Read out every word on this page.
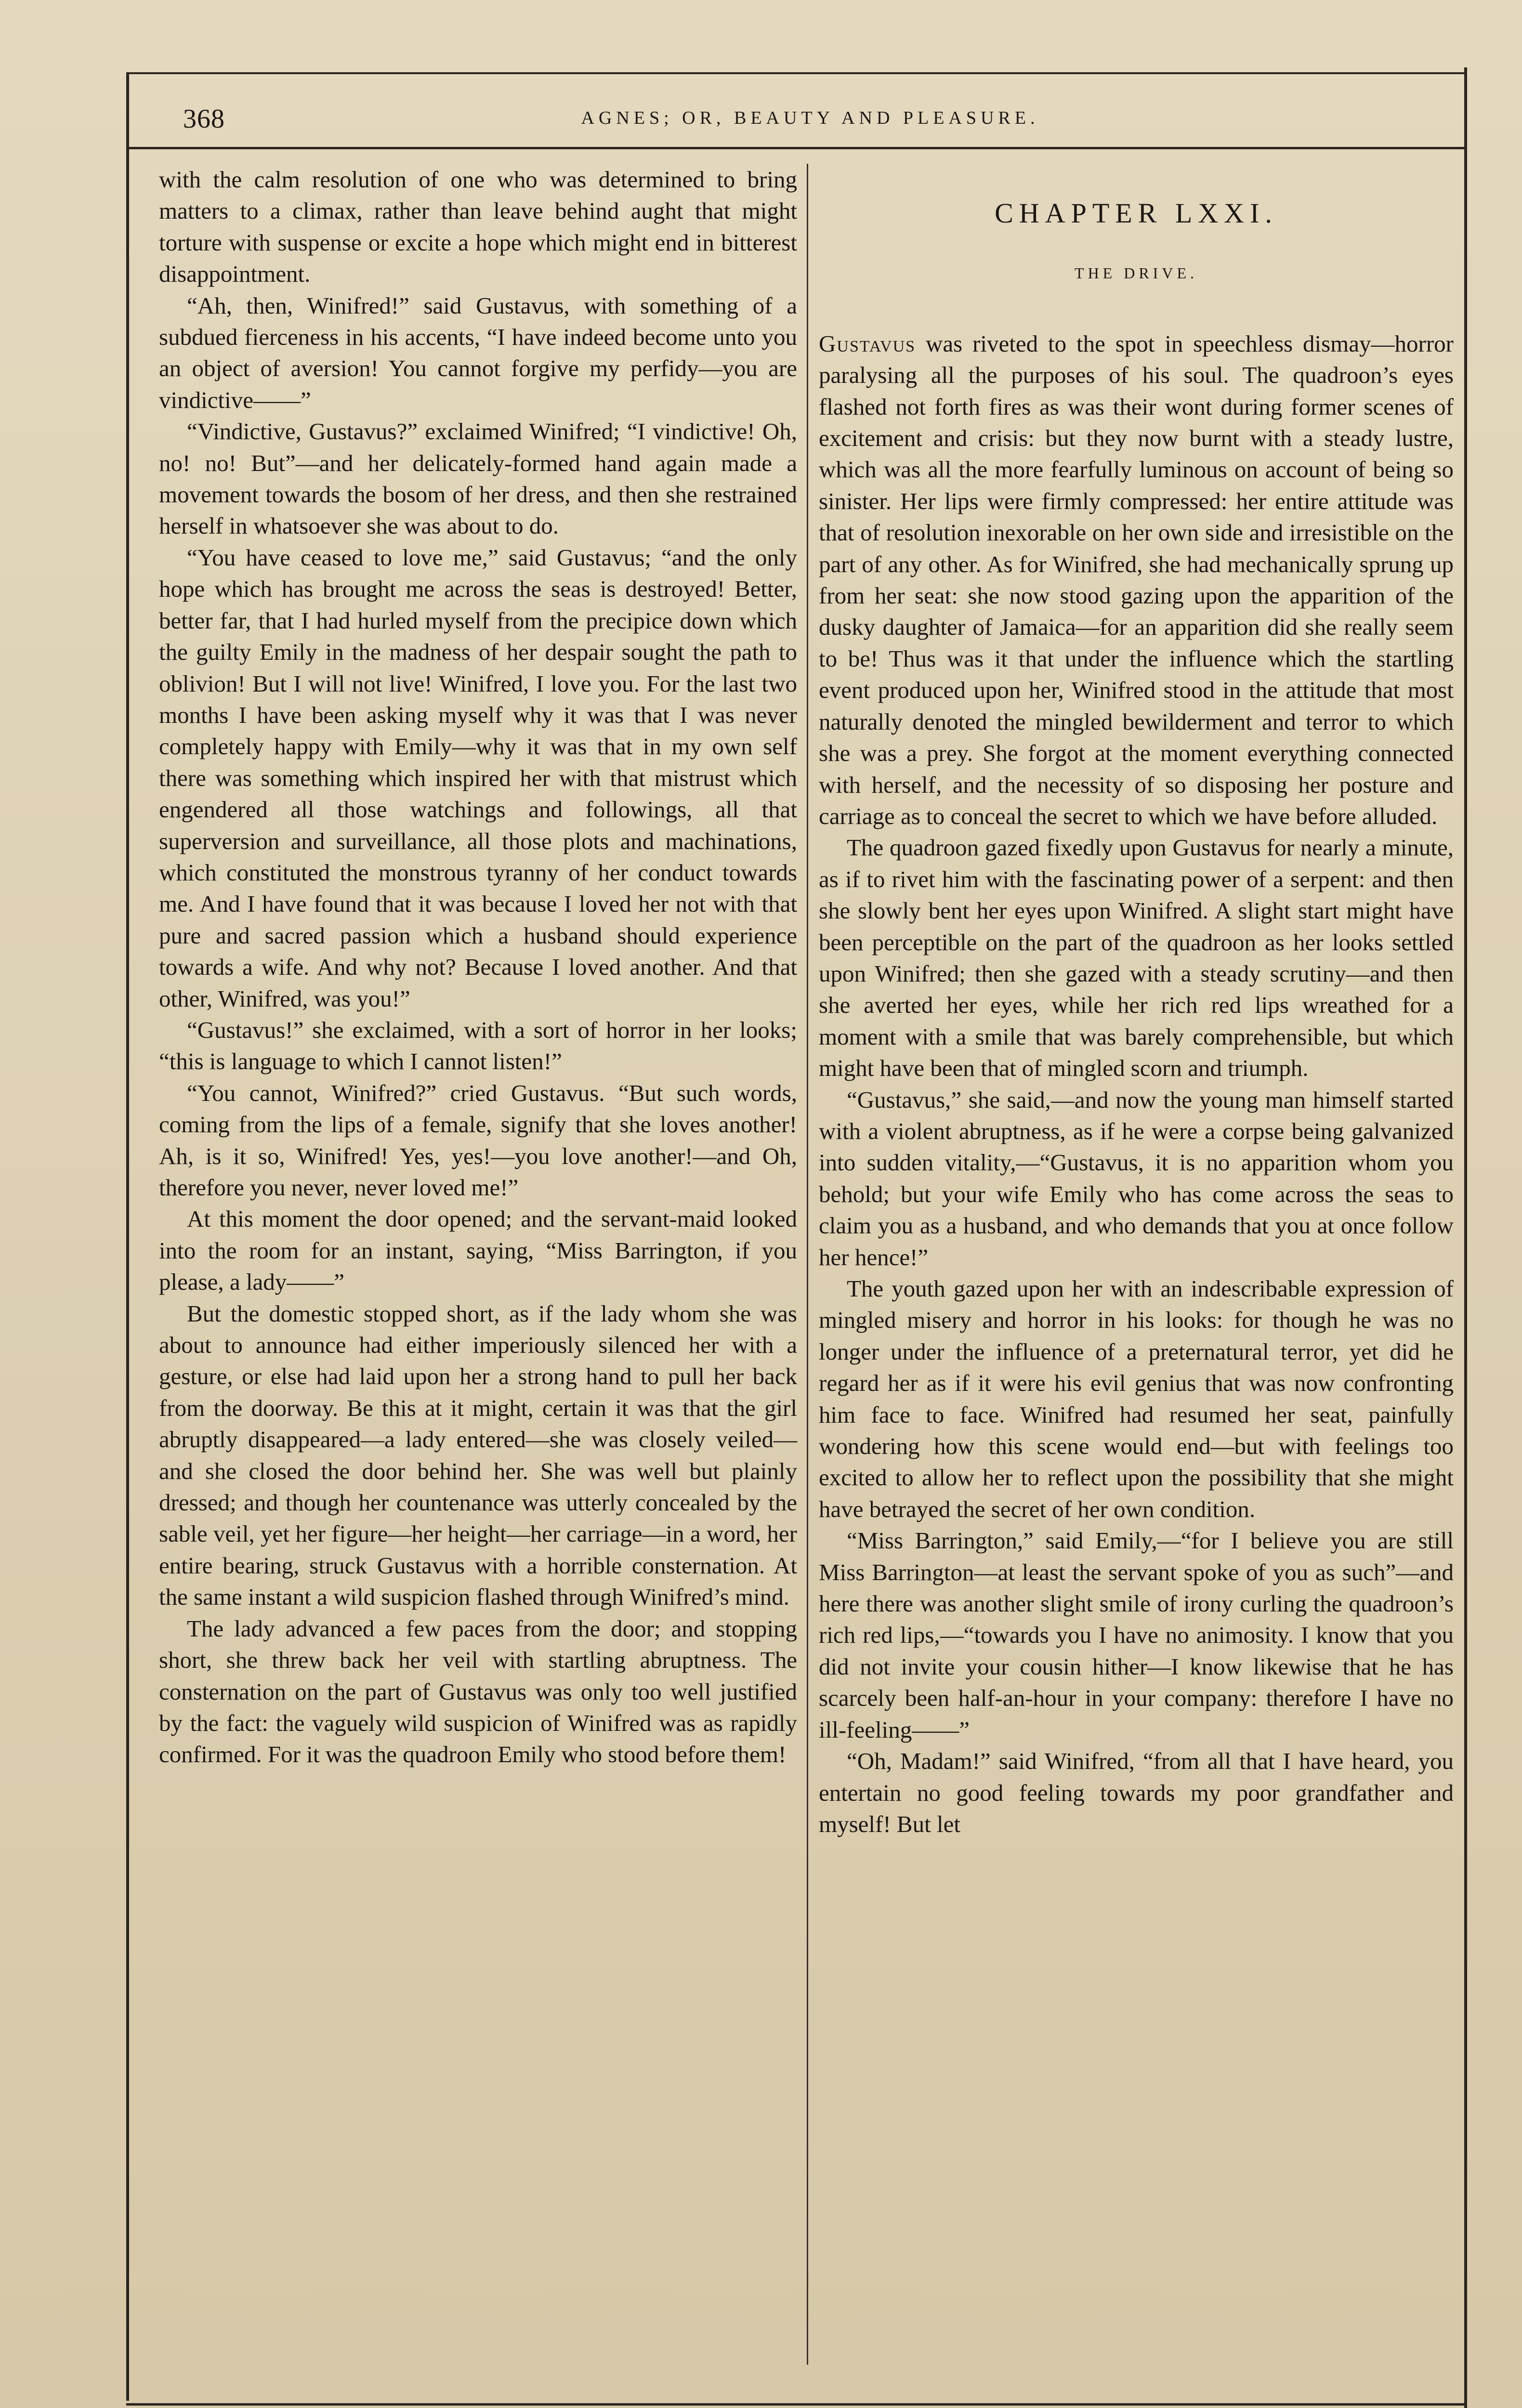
368	AGNES; OR, BEAUTY AND PLEASURE.

with the calm resolution of one who was determined to bring matters to a climax, rather than leave behind aught that might torture with suspense or excite a hope which might end in bitterest disappointment.

“Ah, then, Winifred!” said Gustavus, with something of a subdued fierceness in his accents, “I have indeed become unto you an object of aversion! You cannot forgive my perfidy—you are vindictive——”

“Vindictive, Gustavus?” exclaimed Winifred; “I vindictive! Oh, no! no! But”—and her delicately-formed hand again made a movement towards the bosom of her dress, and then she restrained herself in whatsoever she was about to do.

“You have ceased to love me,” said Gustavus; “and the only hope which has brought me across the seas is destroyed! Better, better far, that I had hurled myself from the precipice down which the guilty Emily in the madness of her despair sought the path to oblivion! But I will not live! Winifred, I love you. For the last two months I have been asking myself why it was that I was never completely happy with Emily—why it was that in my own self there was something which inspired her with that mistrust which engendered all those watchings and followings, all that superversion and surveillance, all those plots and machinations, which constituted the monstrous tyranny of her conduct towards me. And I have found that it was because I loved her not with that pure and sacred passion which a husband should experience towards a wife. And why not? Because I loved another. And that other, Winifred, was you!”

“Gustavus!” she exclaimed, with a sort of horror in her looks; “this is language to which I cannot listen!”

“You cannot, Winifred?” cried Gustavus. “But such words, coming from the lips of a female, signify that she loves another! Ah, is it so, Winifred! Yes, yes!—you love another!—and Oh, therefore you never, never loved me!”

At this moment the door opened; and the servant-maid looked into the room for an instant, saying, “Miss Barrington, if you please, a lady——”

But the domestic stopped short, as if the lady whom she was about to announce had either imperiously silenced her with a gesture, or else had laid upon her a strong hand to pull her back from the doorway. Be this at it might, certain it was that the girl abruptly disappeared—a lady entered—she was closely veiled—and she closed the door behind her. She was well but plainly dressed; and though her countenance was utterly concealed by the sable veil, yet her figure—her height—her carriage—in a word, her entire bearing, struck Gustavus with a horrible consternation. At the same instant a wild suspicion flashed through Winifred’s mind.

The lady advanced a few paces from the door; and stopping short, she threw back her veil with startling abruptness. The consternation on the part of Gustavus was only too well justified by the fact: the vaguely wild suspicion of Winifred was as rapidly confirmed. For it was the quadroon Emily who stood before them!

CHAPTER LXXI.
THE DRIVE.

Gustavus was riveted to the spot in speechless dismay—horror paralysing all the purposes of his soul. The quadroon’s eyes flashed not forth fires as was their wont during former scenes of excitement and crisis: but they now burnt with a steady lustre, which was all the more fearfully luminous on account of being so sinister. Her lips were firmly compressed: her entire attitude was that of resolution inexorable on her own side and irresistible on the part of any other. As for Winifred, she had mechanically sprung up from her seat: she now stood gazing upon the apparition of the dusky daughter of Jamaica—for an apparition did she really seem to be! Thus was it that under the influence which the startling event produced upon her, Winifred stood in the attitude that most naturally denoted the mingled bewilderment and terror to which she was a prey. She forgot at the moment everything connected with herself, and the necessity of so disposing her posture and carriage as to conceal the secret to which we have before alluded.

The quadroon gazed fixedly upon Gustavus for nearly a minute, as if to rivet him with the fascinating power of a serpent: and then she slowly bent her eyes upon Winifred. A slight start might have been perceptible on the part of the quadroon as her looks settled upon Winifred; then she gazed with a steady scrutiny—and then she averted her eyes, while her rich red lips wreathed for a moment with a smile that was barely comprehensible, but which might have been that of mingled scorn and triumph.

“Gustavus,” she said,—and now the young man himself started with a violent abruptness, as if he were a corpse being galvanized into sudden vitality,—“Gustavus, it is no apparition whom you behold; but your wife Emily who has come across the seas to claim you as a husband, and who demands that you at once follow her hence!”

The youth gazed upon her with an indescribable expression of mingled misery and horror in his looks: for though he was no longer under the influence of a preternatural terror, yet did he regard her as if it were his evil genius that was now confronting him face to face. Winifred had resumed her seat, painfully wondering how this scene would end—but with feelings too excited to allow her to reflect upon the possibility that she might have betrayed the secret of her own condition.

“Miss Barrington,” said Emily,—“for I believe you are still Miss Barrington—at least the servant spoke of you as such”—and here there was another slight smile of irony curling the quadroon’s rich red lips,—“towards you I have no animosity. I know that you did not invite your cousin hither—I know likewise that he has scarcely been half-an-hour in your company: therefore I have no ill-feeling——”

“Oh, Madam!” said Winifred, “from all that I have heard, you entertain no good feeling towards my poor grandfather and myself! But let
